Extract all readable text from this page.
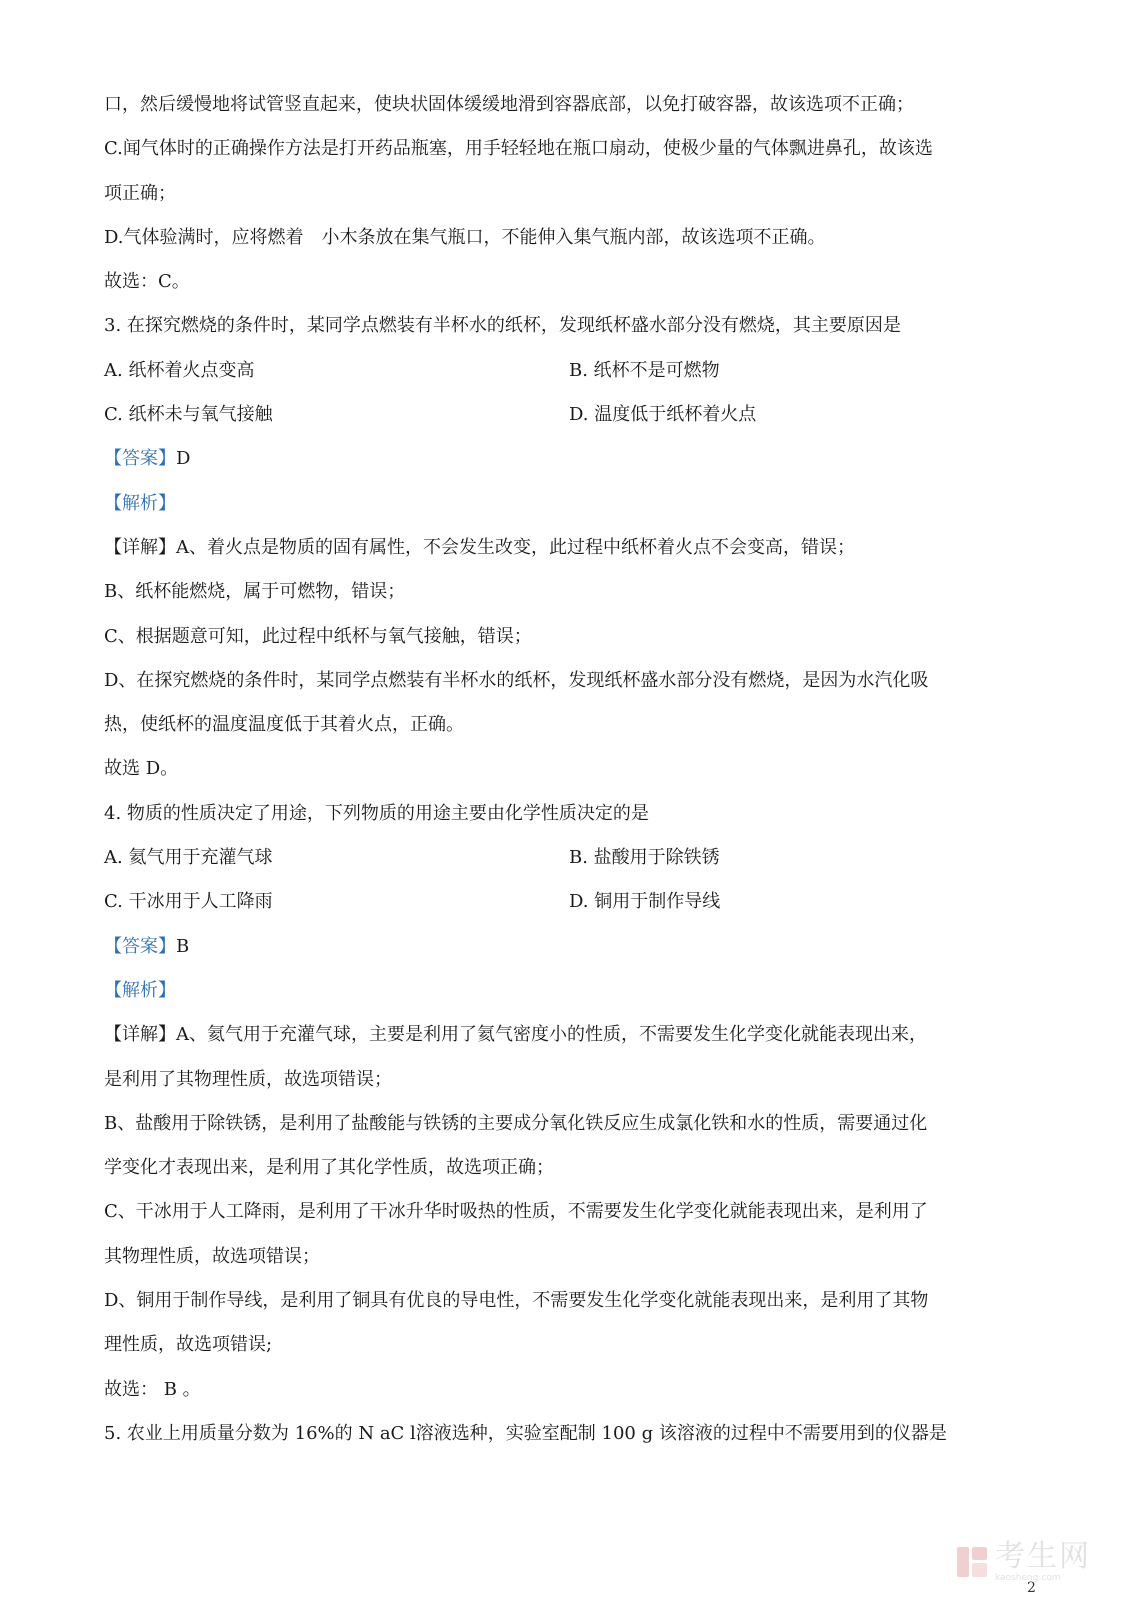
口，然后缓慢地将试管竖直起来，使块状固体缓缓地滑到容器底部，以免打破容器，故该选项不正确；
C.闻气体时的正确操作方法是打开药品瓶塞，用手轻轻地在瓶口扇动，使极少量的气体飘进鼻孔，故该选
项正确；
D.气体验满时，应将燃着　小木条放在集气瓶口，不能伸入集气瓶内部，故该选项不正确。
故选：C。
3. 在探究燃烧的条件时，某同学点燃装有半杯水的纸杯，发现纸杯盛水部分没有燃烧，其主要原因是
A. 纸杯着火点变高	B. 纸杯不是可燃物
C. 纸杯未与氧气接触	D. 温度低于纸杯着火点
【答案】D
【解析】
【详解】A、着火点是物质的固有属性，不会发生改变，此过程中纸杯着火点不会变高，错误；
B、纸杯能燃烧，属于可燃物，错误；
C、根据题意可知，此过程中纸杯与氧气接触，错误；
D、在探究燃烧的条件时，某同学点燃装有半杯水的纸杯，发现纸杯盛水部分没有燃烧，是因为水汽化吸
热，使纸杯的温度温度低于其着火点，正确。
故选 D。
4. 物质的性质决定了用途，下列物质的用途主要由化学性质决定的是
A. 氦气用于充灌气球	B. 盐酸用于除铁锈
C. 干冰用于人工降雨	D. 铜用于制作导线
【答案】B
【解析】
【详解】A、氦气用于充灌气球，主要是利用了氦气密度小的性质，不需要发生化学变化就能表现出来，
是利用了其物理性质，故选项错误；
B、盐酸用于除铁锈，是利用了盐酸能与铁锈的主要成分氧化铁反应生成氯化铁和水的性质，需要通过化
学变化才表现出来，是利用了其化学性质，故选项正确；
C、干冰用于人工降雨，是利用了干冰升华时吸热的性质，不需要发生化学变化就能表现出来，是利用了
其物理性质，故选项错误；
D、铜用于制作导线，是利用了铜具有优良的导电性，不需要发生化学变化就能表现出来，是利用了其物
理性质，故选项错误;
故选： B 。
5. 农业上用质量分数为 16%的 N aC l溶液选种，实验室配制 100 g 该溶液的过程中不需要用到的仪器是
考生网
kaosheng.com
2
